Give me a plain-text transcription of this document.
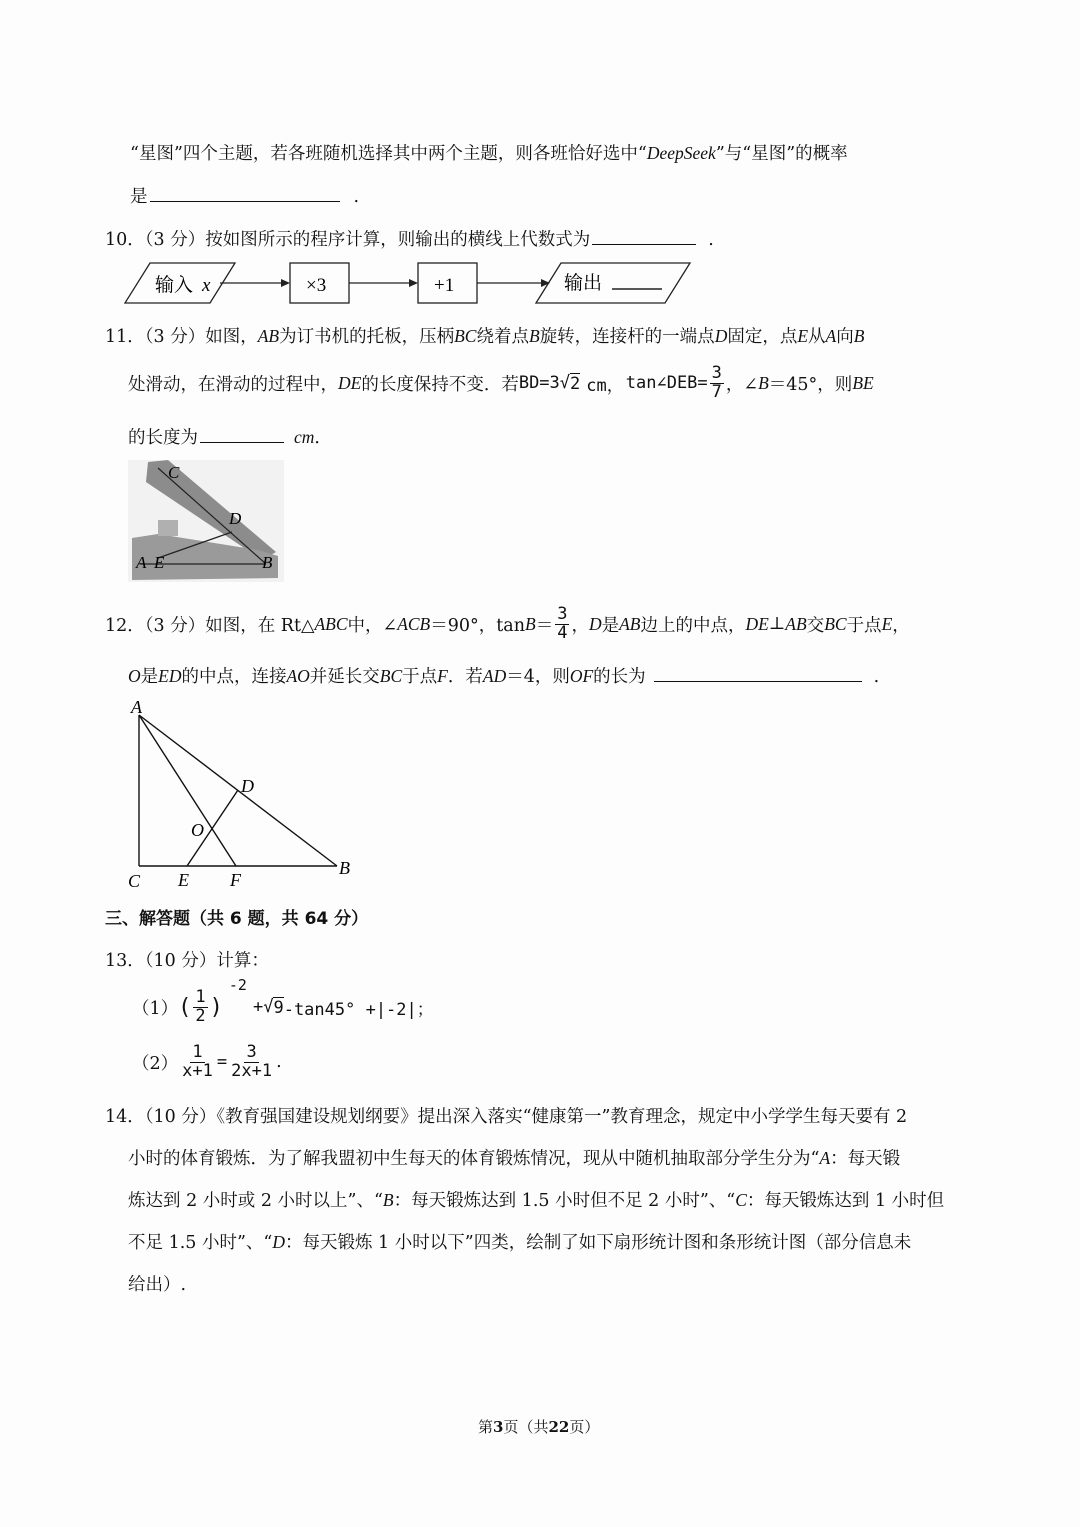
“星图”四个主题，若各班随机选择其中两个主题，则各班恰好选中“DeepSeek”与“星图”的概率
是	.
10．（3 分）按如图所示的程序计算，则输出的横线上代数式为	.
输入 x	×3	+1	输出
11．（3 分）如图，AB为订书机的托板，压柄BC绕着点B旋转，连接杆的一端点D固定，点E从A向B
处滑动，在滑动的过程中， DE 的长度保持不变．若 BD=3 √ 2 cm， tan∠DEB= $\frac{3}{7}$ ，∠ B ＝45°，则 BE
的长度为	cm．
C
D
A E	B
12．（3 分）如图，在 Rt△ ABC 中，∠ ACB ＝90°，$\tan B = \frac{3}{4}$ ， D 是 AB 边上的中点， DE ⊥ AB 交 BC 于点 E ，
O是ED的中点，连接AO并延长交BC于点F．若AD＝4，则OF的长为	.
A
D
O
C E F
B
三、解答题（共 6 题，共 64 分）
13．（10 分）计算：
（1） ( $\frac{1}{2}$ )
-2
+ √ 9 -tan45° +|-2|；
$(2) \frac{1}{x+1} = \frac{3}{2x+1}$ .
14．（10 分）《教育强国建设规划纲要》提出深入落实“健康第一”教育理念，规定中小学学生每天要有 2
小时的体育锻炼．为了解我盟初中生每天的体育锻炼情况，现从中随机抽取部分学生分为“A：每天锻
炼达到 2 小时或 2 小时以上”、“B：每天锻炼达到 1.5 小时但不足 2 小时”、“C：每天锻炼达到 1 小时但
不足 1.5 小时”、“D：每天锻炼 1 小时以下”四类，绘制了如下扇形统计图和条形统计图（部分信息未
给出）.
第3页（共22页）
